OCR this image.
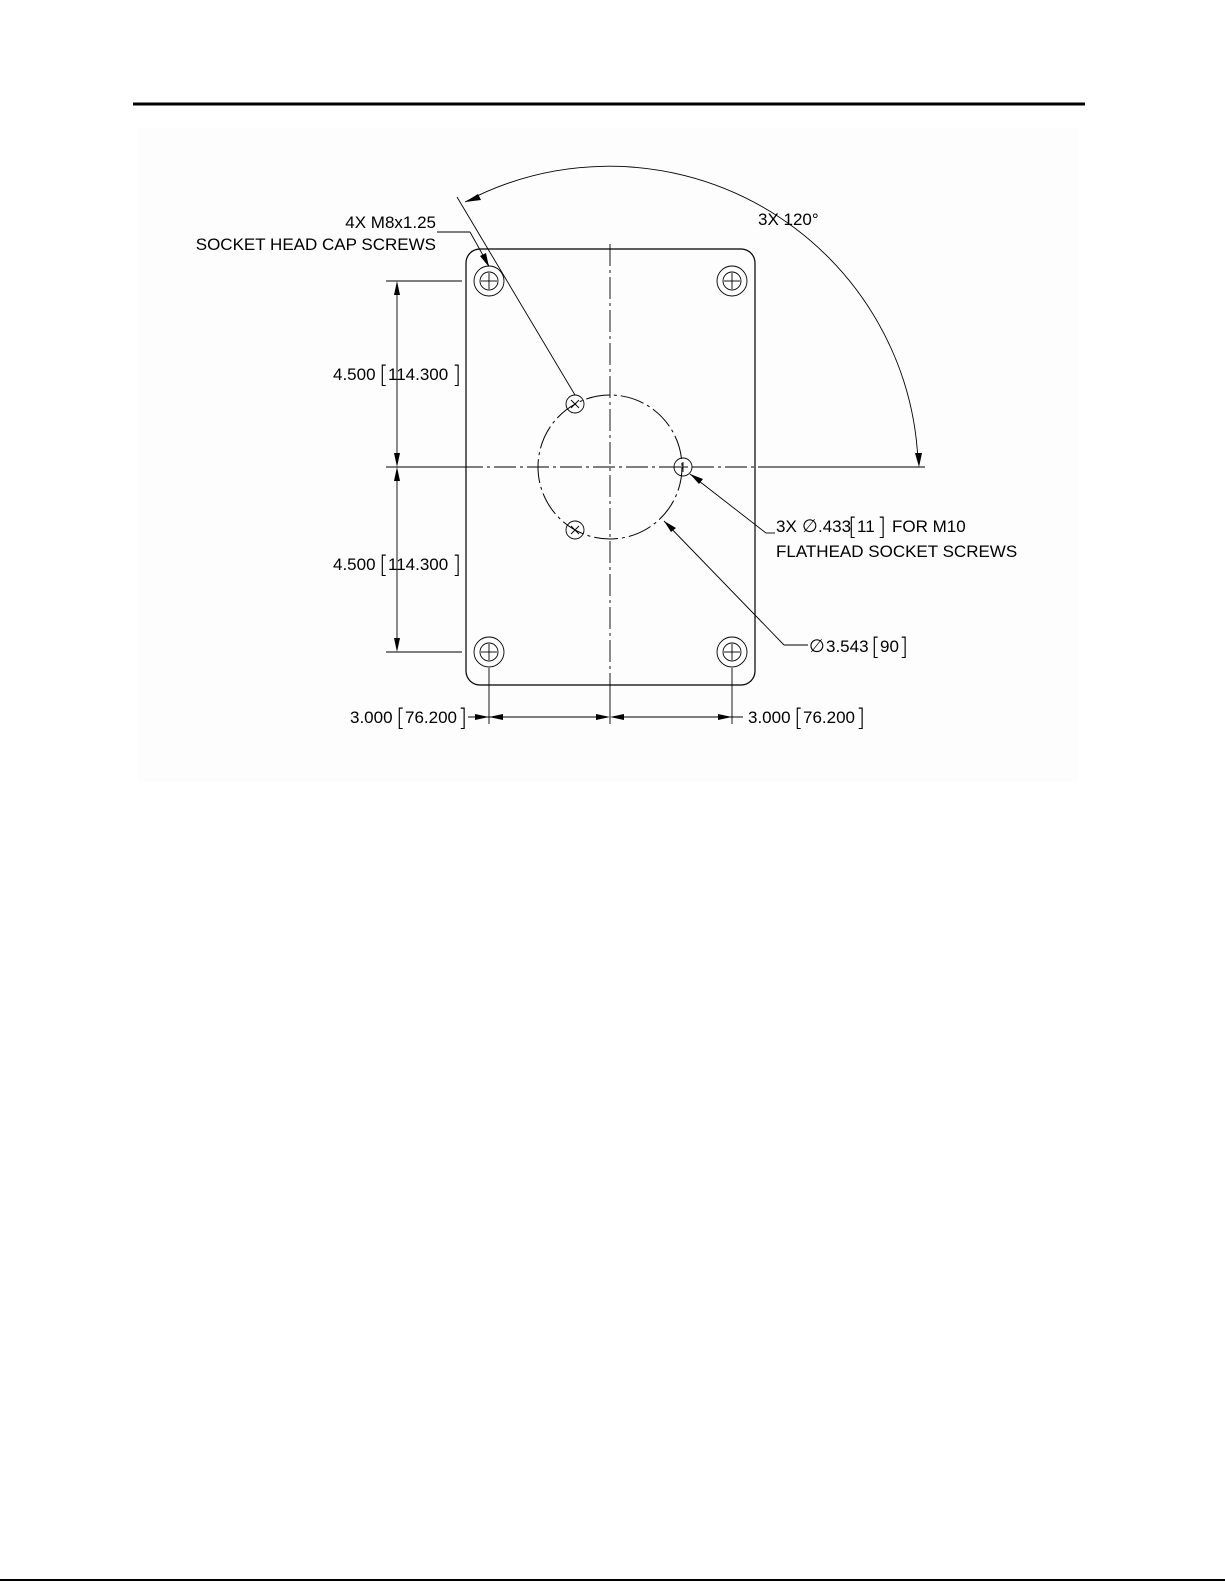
4X M8x1.25
SOCKET HEAD CAP SCREWS
3X 120°
4.500 [ 114.300 ]
4.500 [ 114.300 ]
3.000 [ 76.200 ]	3.000 [ 76.200 ]
3X ∅ .433
[ 11 ] FOR M10
FLATHEAD SOCKET SCREWS
∅ 3.543 [ 90 ]
